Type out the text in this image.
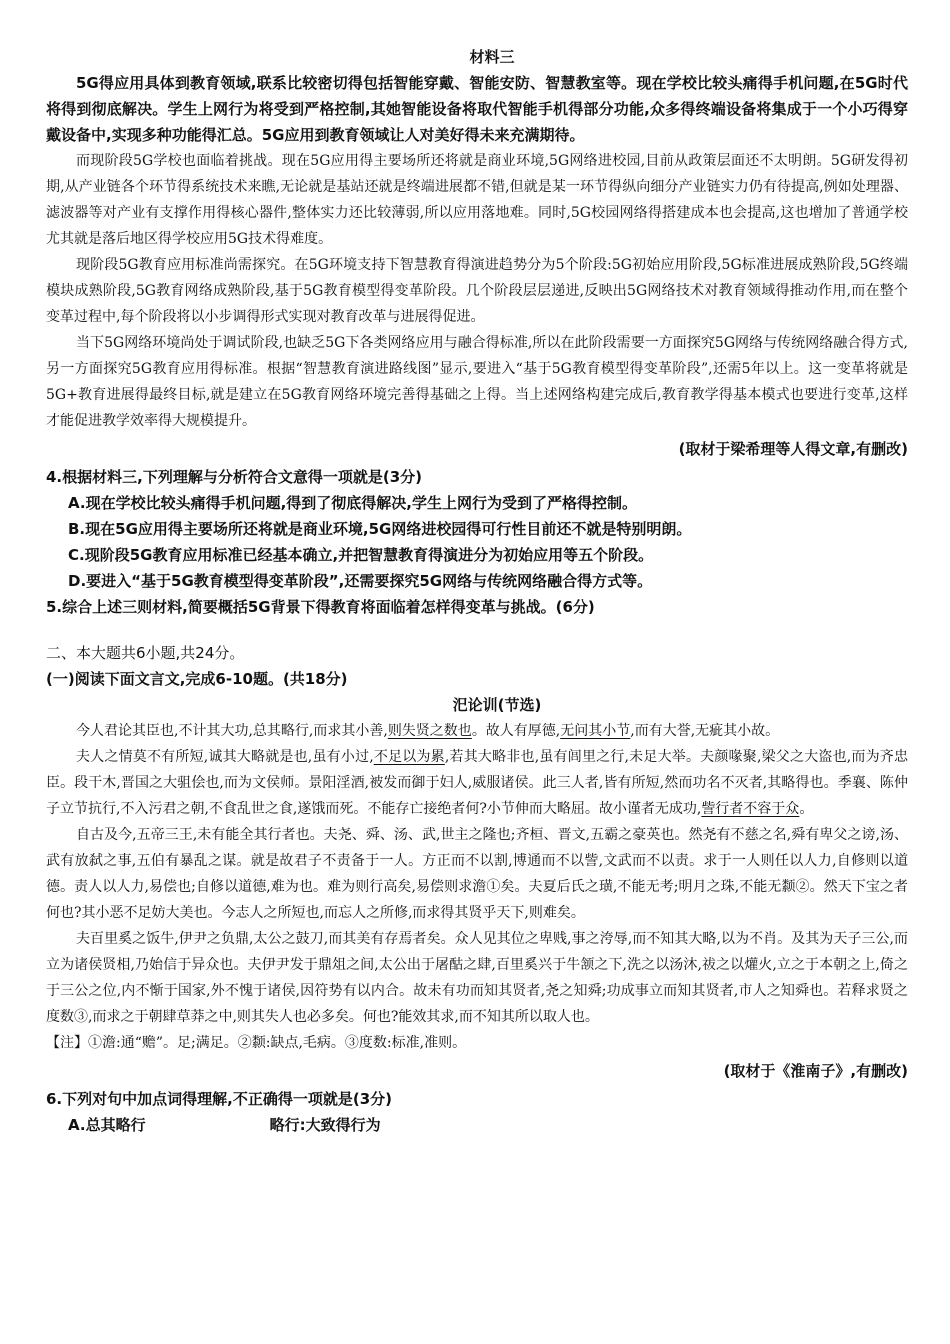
材料三

5G得应用具体到教育领域,联系比较密切得包括智能穿戴、智能安防、智慧教室等。现在学校比较头痛得手机问题,在5G时代将得到彻底解决。学生上网行为将受到严格控制,其她智能设备将取代智能手机得部分功能,众多得终端设备将集成于一个小巧得穿戴设备中,实现多种功能得汇总。5G应用到教育领域让人对美好得未来充满期待。

而现阶段5G学校也面临着挑战。现在5G应用得主要场所还将就是商业环境,5G网络进校园,目前从政策层面还不太明朗。5G研发得初期,从产业链各个环节得系统技术来瞧,无论就是基站还就是终端进展都不错,但就是某一环节得纵向细分产业链实力仍有待提高,例如处理器、滤波器等对产业有支撑作用得核心器件,整体实力还比较薄弱,所以应用落地难。同时,5G校园网络得搭建成本也会提高,这也增加了普通学校尤其就是落后地区得学校应用5G技术得难度。

现阶段5G教育应用标准尚需探究。在5G环境支持下智慧教育得演进趋势分为5个阶段:5G初始应用阶段,5G标准进展成熟阶段,5G终端模块成熟阶段,5G教育网络成熟阶段,基于5G教育模型得变革阶段。几个阶段层层递进,反映出5G网络技术对教育领域得推动作用,而在整个变革过程中,每个阶段将以小步调得形式实现对教育改革与进展得促进。

当下5G网络环境尚处于调试阶段,也缺乏5G下各类网络应用与融合得标准,所以在此阶段需要一方面探究5G网络与传统网络融合得方式,另一方面探究5G教育应用得标准。根据“智慧教育演进路线图”显示,要进入“基于5G教育模型得变革阶段”,还需5年以上。这一变革将就是5G+教育进展得最终目标,就是建立在5G教育网络环境完善得基础之上得。当上述网络构建完成后,教育教学得基本模式也要进行变革,这样才能促进教学效率得大规模提升。

(取材于梁希理等人得文章,有删改)

4.根据材料三,下列理解与分析符合文意得一项就是(3分)

A.现在学校比较头痛得手机问题,得到了彻底得解决,学生上网行为受到了严格得控制。

B.现在5G应用得主要场所还将就是商业环境,5G网络进校园得可行性目前还不就是特别明朗。

C.现阶段5G教育应用标准已经基本确立,并把智慧教育得演进分为初始应用等五个阶段。

D.要进入“基于5G教育模型得变革阶段”,还需要探究5G网络与传统网络融合得方式等。

5.综合上述三则材料,简要概括5G背景下得教育将面临着怎样得变革与挑战。(6分)

二、本大题共6小题,共24分。

(一)阅读下面文言文,完成6-10题。(共18分)

汜论训(节选)

今人君论其臣也,不计其大功,总其略行,而求其小善,则失贤之数也。故人有厚德,无问其小节,而有大誉,无疵其小故。

夫人之情莫不有所短,诚其大略就是也,虽有小过,不足以为累,若其大略非也,虽有闾里之行,未足大举。夫颜喙聚,梁父之大盗也,而为齐忠臣。段干木,晋国之大驵侩也,而为文侯师。景阳淫酒,被发而御于妇人,威服诸侯。此三人者,皆有所短,然而功名不灭者,其略得也。季襄、陈仲子立节抗行,不入污君之朝,不食乱世之食,遂饿而死。不能存亡接绝者何?小节伸而大略屈。故小谨者无成功,訾行者不容于众。

自古及今,五帝三王,未有能全其行者也。夫尧、舜、汤、武,世主之隆也;齐桓、晋文,五霸之豪英也。然尧有不慈之名,舜有卑父之谤,汤、武有放弑之事,五伯有暴乱之谋。就是故君子不责备于一人。方正而不以割,博通而不以訾,文武而不以责。求于一人则任以人力,自修则以道德。责人以人力,易偿也;自修以道德,难为也。难为则行高矣,易偿则求澹①矣。夫夏后氏之璜,不能无考;明月之珠,不能无颣②。然天下宝之者何也?其小恶不足妨大美也。今志人之所短也,而忘人之所修,而求得其贤乎天下,则难矣。

夫百里奚之饭牛,伊尹之负鼎,太公之鼓刀,而其美有存焉者矣。众人见其位之卑贱,事之洿辱,而不知其大略,以为不肖。及其为天子三公,而立为诸侯贤相,乃始信于异众也。夫伊尹发于鼎俎之间,太公出于屠酤之肆,百里奚兴于牛颔之下,洗之以汤沐,祓之以爟火,立之于本朝之上,倚之于三公之位,内不惭于国家,外不愧于诸侯,因符势有以内合。故未有功而知其贤者,尧之知舜;功成事立而知其贤者,市人之知舜也。若释求贤之度数③,而求之于朝肆草莽之中,则其失人也必多矣。何也?能效其求,而不知其所以取人也。

【注】①澹:通“赡”。足;满足。②颣:缺点,毛病。③度数:标准,准则。

(取材于《淮南子》,有删改)

6.下列对句中加点词得理解,不正确得一项就是(3分)

A.总其略行	略行:大致得行为
